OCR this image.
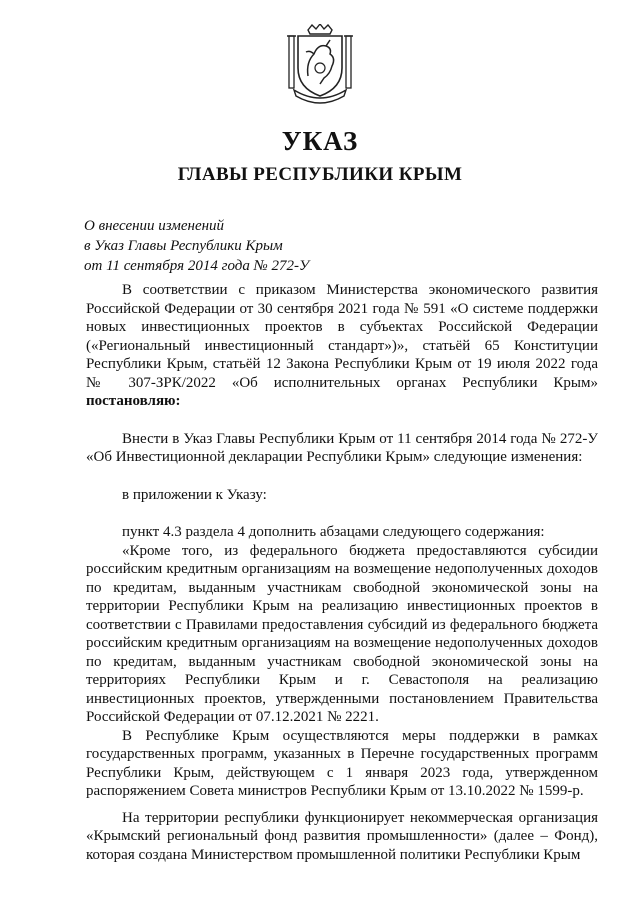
УКАЗ
ГЛАВЫ РЕСПУБЛИКИ КРЫМ
О внесении изменений
в Указ Главы Республики Крым
от 11 сентября 2014 года № 272-У

В соответствии с приказом Министерства экономического развития Российской Федерации от 30 сентября 2021 года № 591 «О системе поддержки новых инвестиционных проектов в субъектах Российской Федерации («Региональный инвестиционный стандарт»)», статьёй 65 Конституции Республики Крым, статьёй 12 Закона Республики Крым от 19 июля 2022 года № 307-ЗРК/2022 «Об исполнительных органах Республики Крым» постановляю:

Внести в Указ Главы Республики Крым от 11 сентября 2014 года № 272-У «Об Инвестиционной декларации Республики Крым» следующие изменения:

в приложении к Указу:

пункт 4.3 раздела 4 дополнить абзацами следующего содержания:

«Кроме того, из федерального бюджета предоставляются субсидии российским кредитным организациям на возмещение недополученных доходов по кредитам, выданным участникам свободной экономической зоны на территории Республики Крым на реализацию инвестиционных проектов в соответствии с Правилами предоставления субсидий из федерального бюджета российским кредитным организациям на возмещение недополученных доходов по кредитам, выданным участникам свободной экономической зоны на территориях Республики Крым и г. Севастополя на реализацию инвестиционных проектов, утвержденными постановлением Правительства Российской Федерации от 07.12.2021 № 2221.

В Республике Крым осуществляются меры поддержки в рамках государственных программ, указанных в Перечне государственных программ Республики Крым, действующем с 1 января 2023 года, утвержденном распоряжением Совета министров Республики Крым от 13.10.2022 № 1599-р.

На территории республики функционирует некоммерческая организация «Крымский региональный фонд развития промышленности» (далее – Фонд), которая создана Министерством промышленной политики Республики Крым
